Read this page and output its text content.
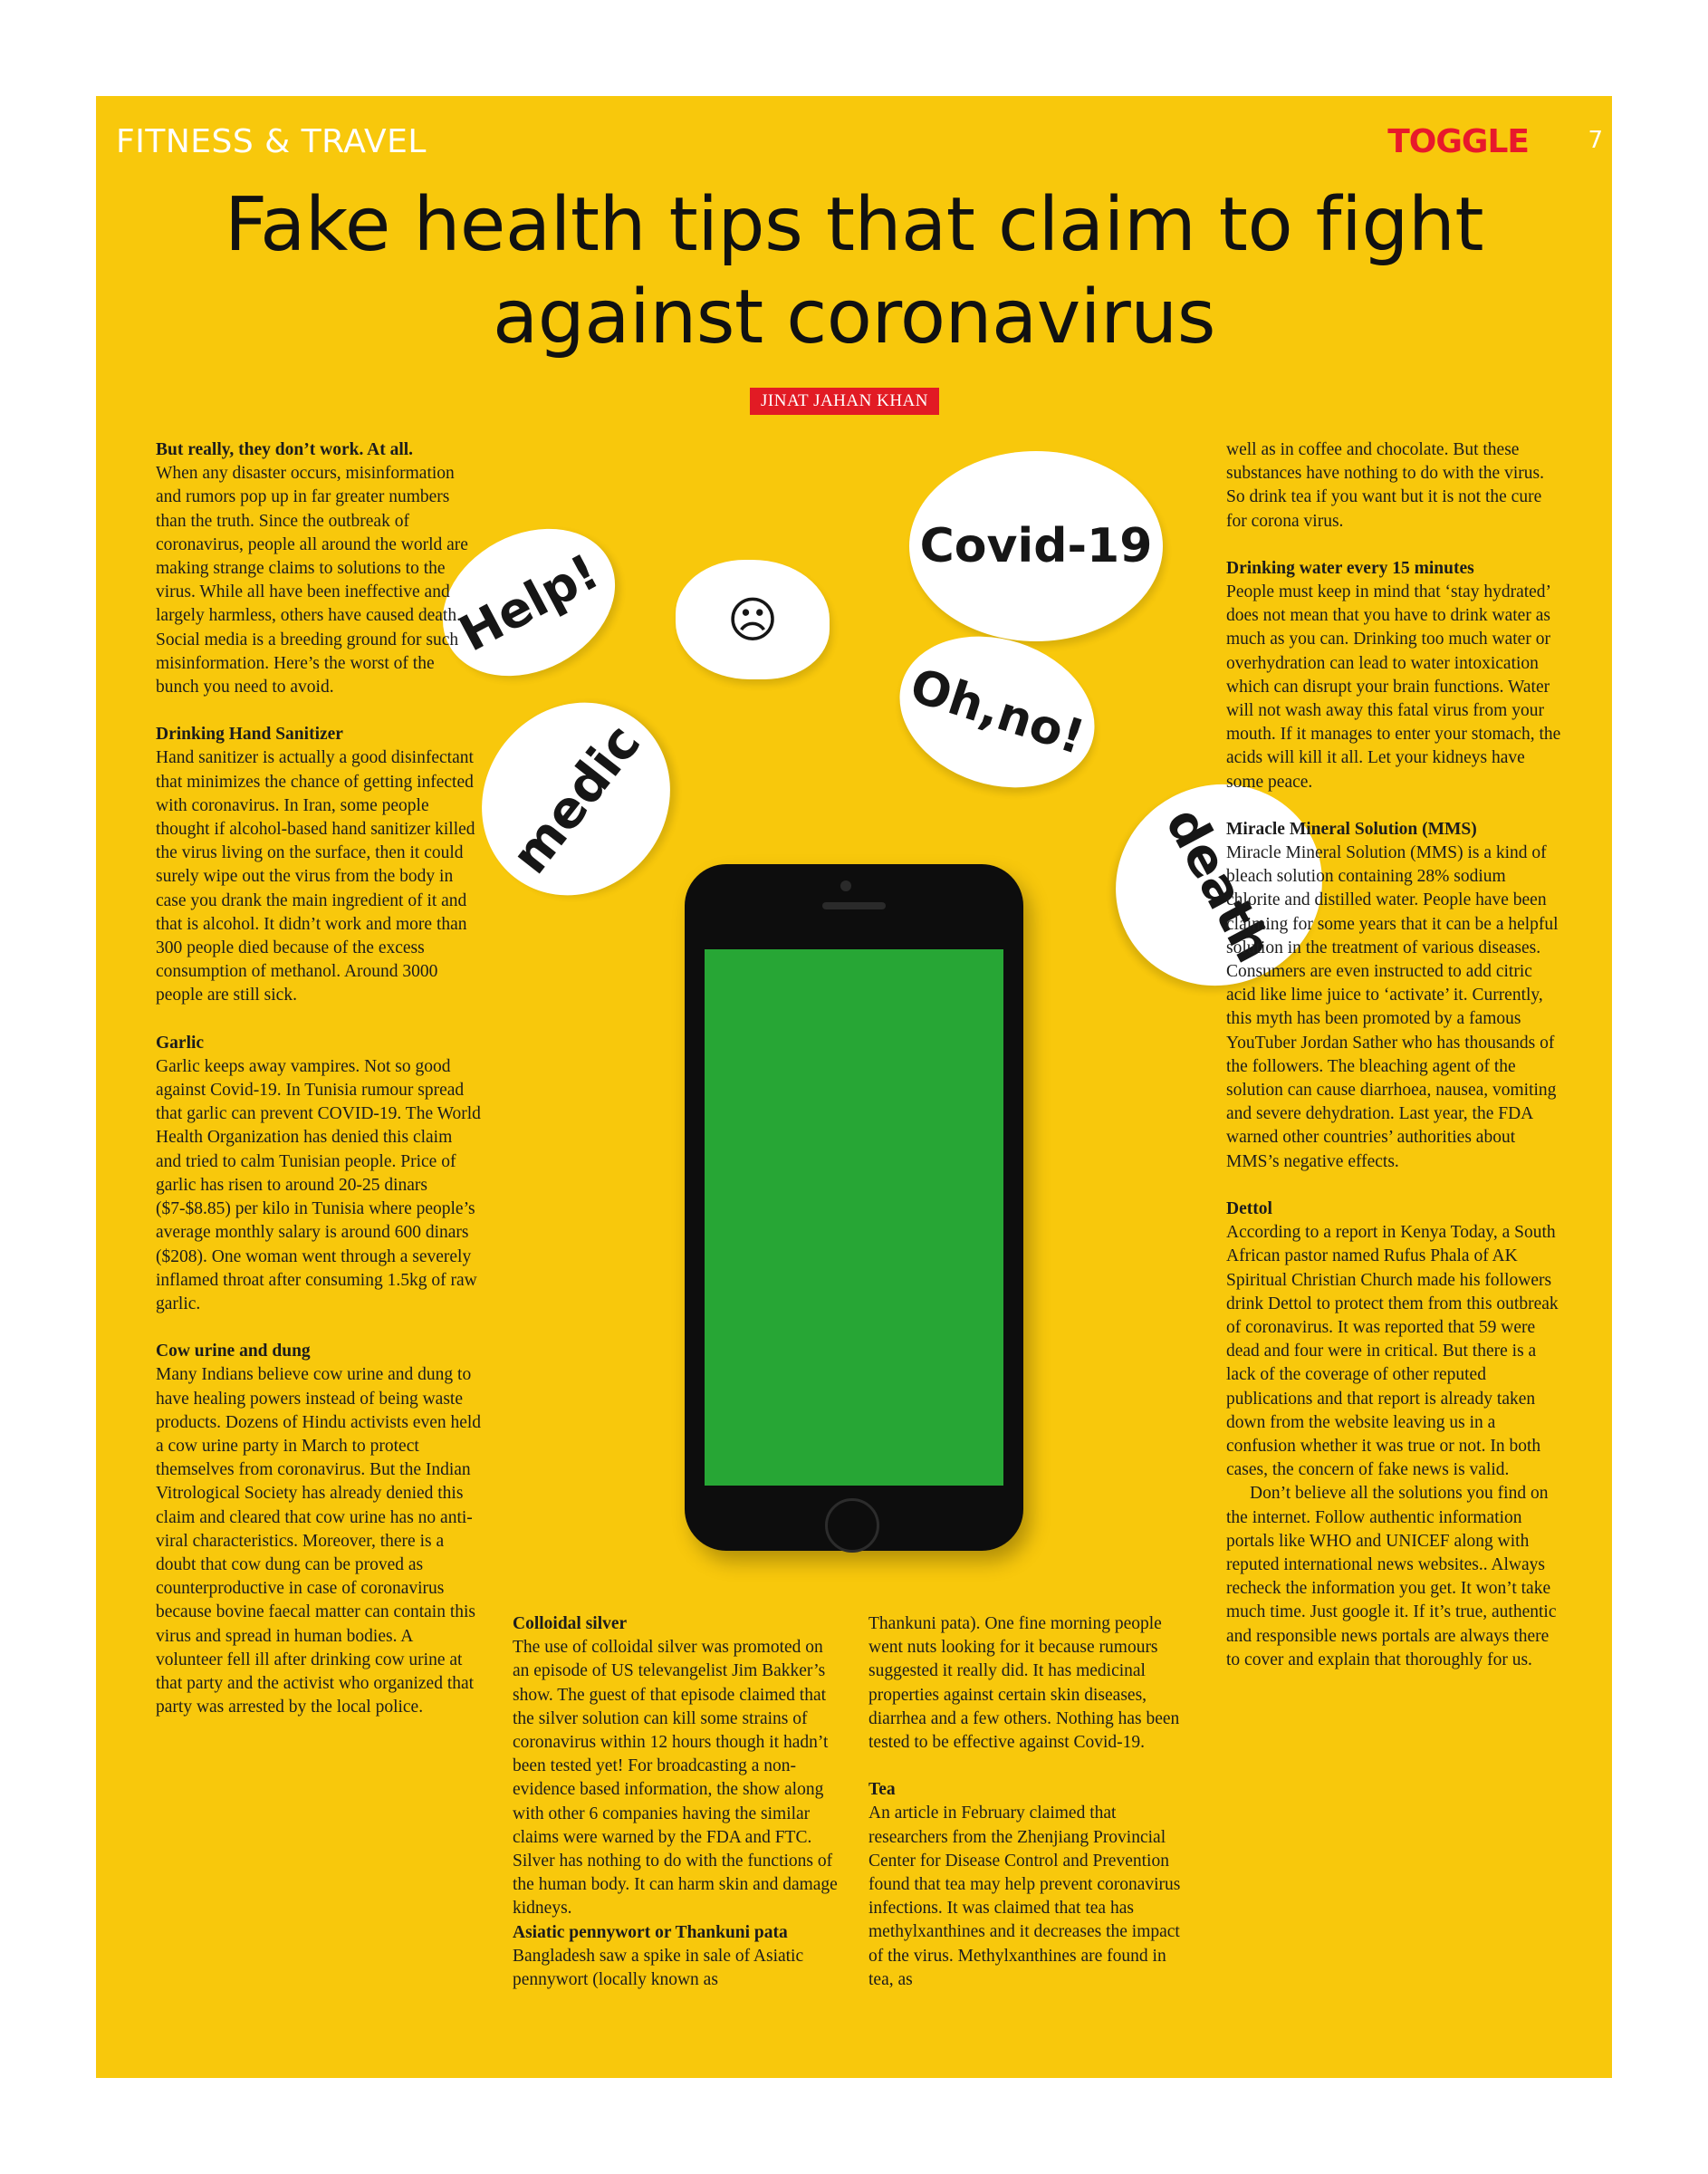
FITNESS & TRAVEL	TOGGLE	7
Fake health tips that claim to fight
against coronavirus
JINAT JAHAN KHAN
Help! ☹
Covid-19
Oh,no!
medic	death
But really, they don’t work. At all.

When any disaster occurs, misinformation and rumors pop up in far greater numbers than the truth. Since the outbreak of coronavirus, people all around the world are making strange claims to solutions to the virus. While all have been ineffective and largely harmless, others have caused death. Social media is a breeding ground for such misinformation. Here’s the worst of the bunch you need to avoid.

Drinking Hand Sanitizer

Hand sanitizer is actually a good disinfectant that minimizes the chance of getting infected with coronavirus. In Iran, some people thought if alcohol-based hand sanitizer killed the virus living on the surface, then it could surely wipe out the virus from the body in case you drank the main ingredient of it and that is alcohol. It didn’t work and more than 300 people died because of the excess consumption of methanol. Around 3000 people are still sick.

Garlic

Garlic keeps away vampires. Not so good against Covid-19. In Tunisia rumour spread that garlic can prevent COVID-19. The World Health Organization has denied this claim and tried to calm Tunisian people. Price of garlic has risen to around 20-25 dinars ($7-$8.85) per kilo in Tunisia where people’s average monthly salary is around 600 dinars ($208). One woman went through a severely inflamed throat after consuming 1.5kg of raw garlic.

Cow urine and dung

Many Indians believe cow urine and dung to have healing powers instead of being waste products. Dozens of Hindu activists even held a cow urine party in March to protect themselves from coronavirus. But the Indian Vitrological Society has already denied this claim and cleared that cow urine has no anti-viral characteristics. Moreover, there is a doubt that cow dung can be proved as counterproductive in case of coronavirus because bovine faecal matter can contain this virus and spread in human bodies. A volunteer fell ill after drinking cow urine at that party and the activist who organized that party was arrested by the local police.

Colloidal silver

The use of colloidal silver was promoted on an episode of US televangelist Jim Bakker’s show. The guest of that episode claimed that the silver solution can kill some strains of coronavirus within 12 hours though it hadn’t been tested yet! For broadcasting a non-evidence based information, the show along with other 6 companies having the similar claims were warned by the FDA and FTC. Silver has nothing to do with the functions of the human body. It can harm skin and damage kidneys.

Asiatic pennywort or Thankuni pata

Bangladesh saw a spike in sale of Asiatic pennywort (locally known as

Thankuni pata). One fine morning people went nuts looking for it because rumours suggested it really did. It has medicinal properties against certain skin diseases, diarrhea and a few others. Nothing has been tested to be effective against Covid-19.

Tea

An article in February claimed that researchers from the Zhenjiang Provincial Center for Disease Control and Prevention found that tea may help prevent coronavirus infections. It was claimed that tea has methylxanthines and it decreases the impact of the virus. Methylxanthines are found in tea, as

well as in coffee and chocolate. But these substances have nothing to do with the virus. So drink tea if you want but it is not the cure for corona virus.

Drinking water every 15 minutes

People must keep in mind that ‘stay hydrated’ does not mean that you have to drink water as much as you can. Drinking too much water or overhydration can lead to water intoxication which can disrupt your brain functions. Water will not wash away this fatal virus from your mouth. If it manages to enter your stomach, the acids will kill it all. Let your kidneys have some peace.

Miracle Mineral Solution (MMS)

Miracle Mineral Solution (MMS) is a kind of bleach solution containing 28% sodium chlorite and distilled water. People have been claiming for some years that it can be a helpful solution in the treatment of various diseases. Consumers are even instructed to add citric acid like lime juice to ‘activate’ it. Currently, this myth has been promoted by a famous YouTuber Jordan Sather who has thousands of the followers. The bleaching agent of the solution can cause diarrhoea, nausea, vomiting and severe dehydration. Last year, the FDA warned other countries’ authorities about MMS’s negative effects.

Dettol

According to a report in Kenya Today, a South African pastor named Rufus Phala of AK Spiritual Christian Church made his followers drink Dettol to protect them from this outbreak of coronavirus. It was reported that 59 were dead and four were in critical. But there is a lack of the coverage of other reputed publications and that report is already taken down from the website leaving us in a confusion whether it was true or not. In both cases, the concern of fake news is valid.

Don’t believe all the solutions you find on the internet. Follow authentic information portals like WHO and UNICEF along with reputed international news websites.. Always recheck the information you get. It won’t take much time. Just google it. If it’s true, authentic and responsible news portals are always there to cover and explain that thoroughly for us.
